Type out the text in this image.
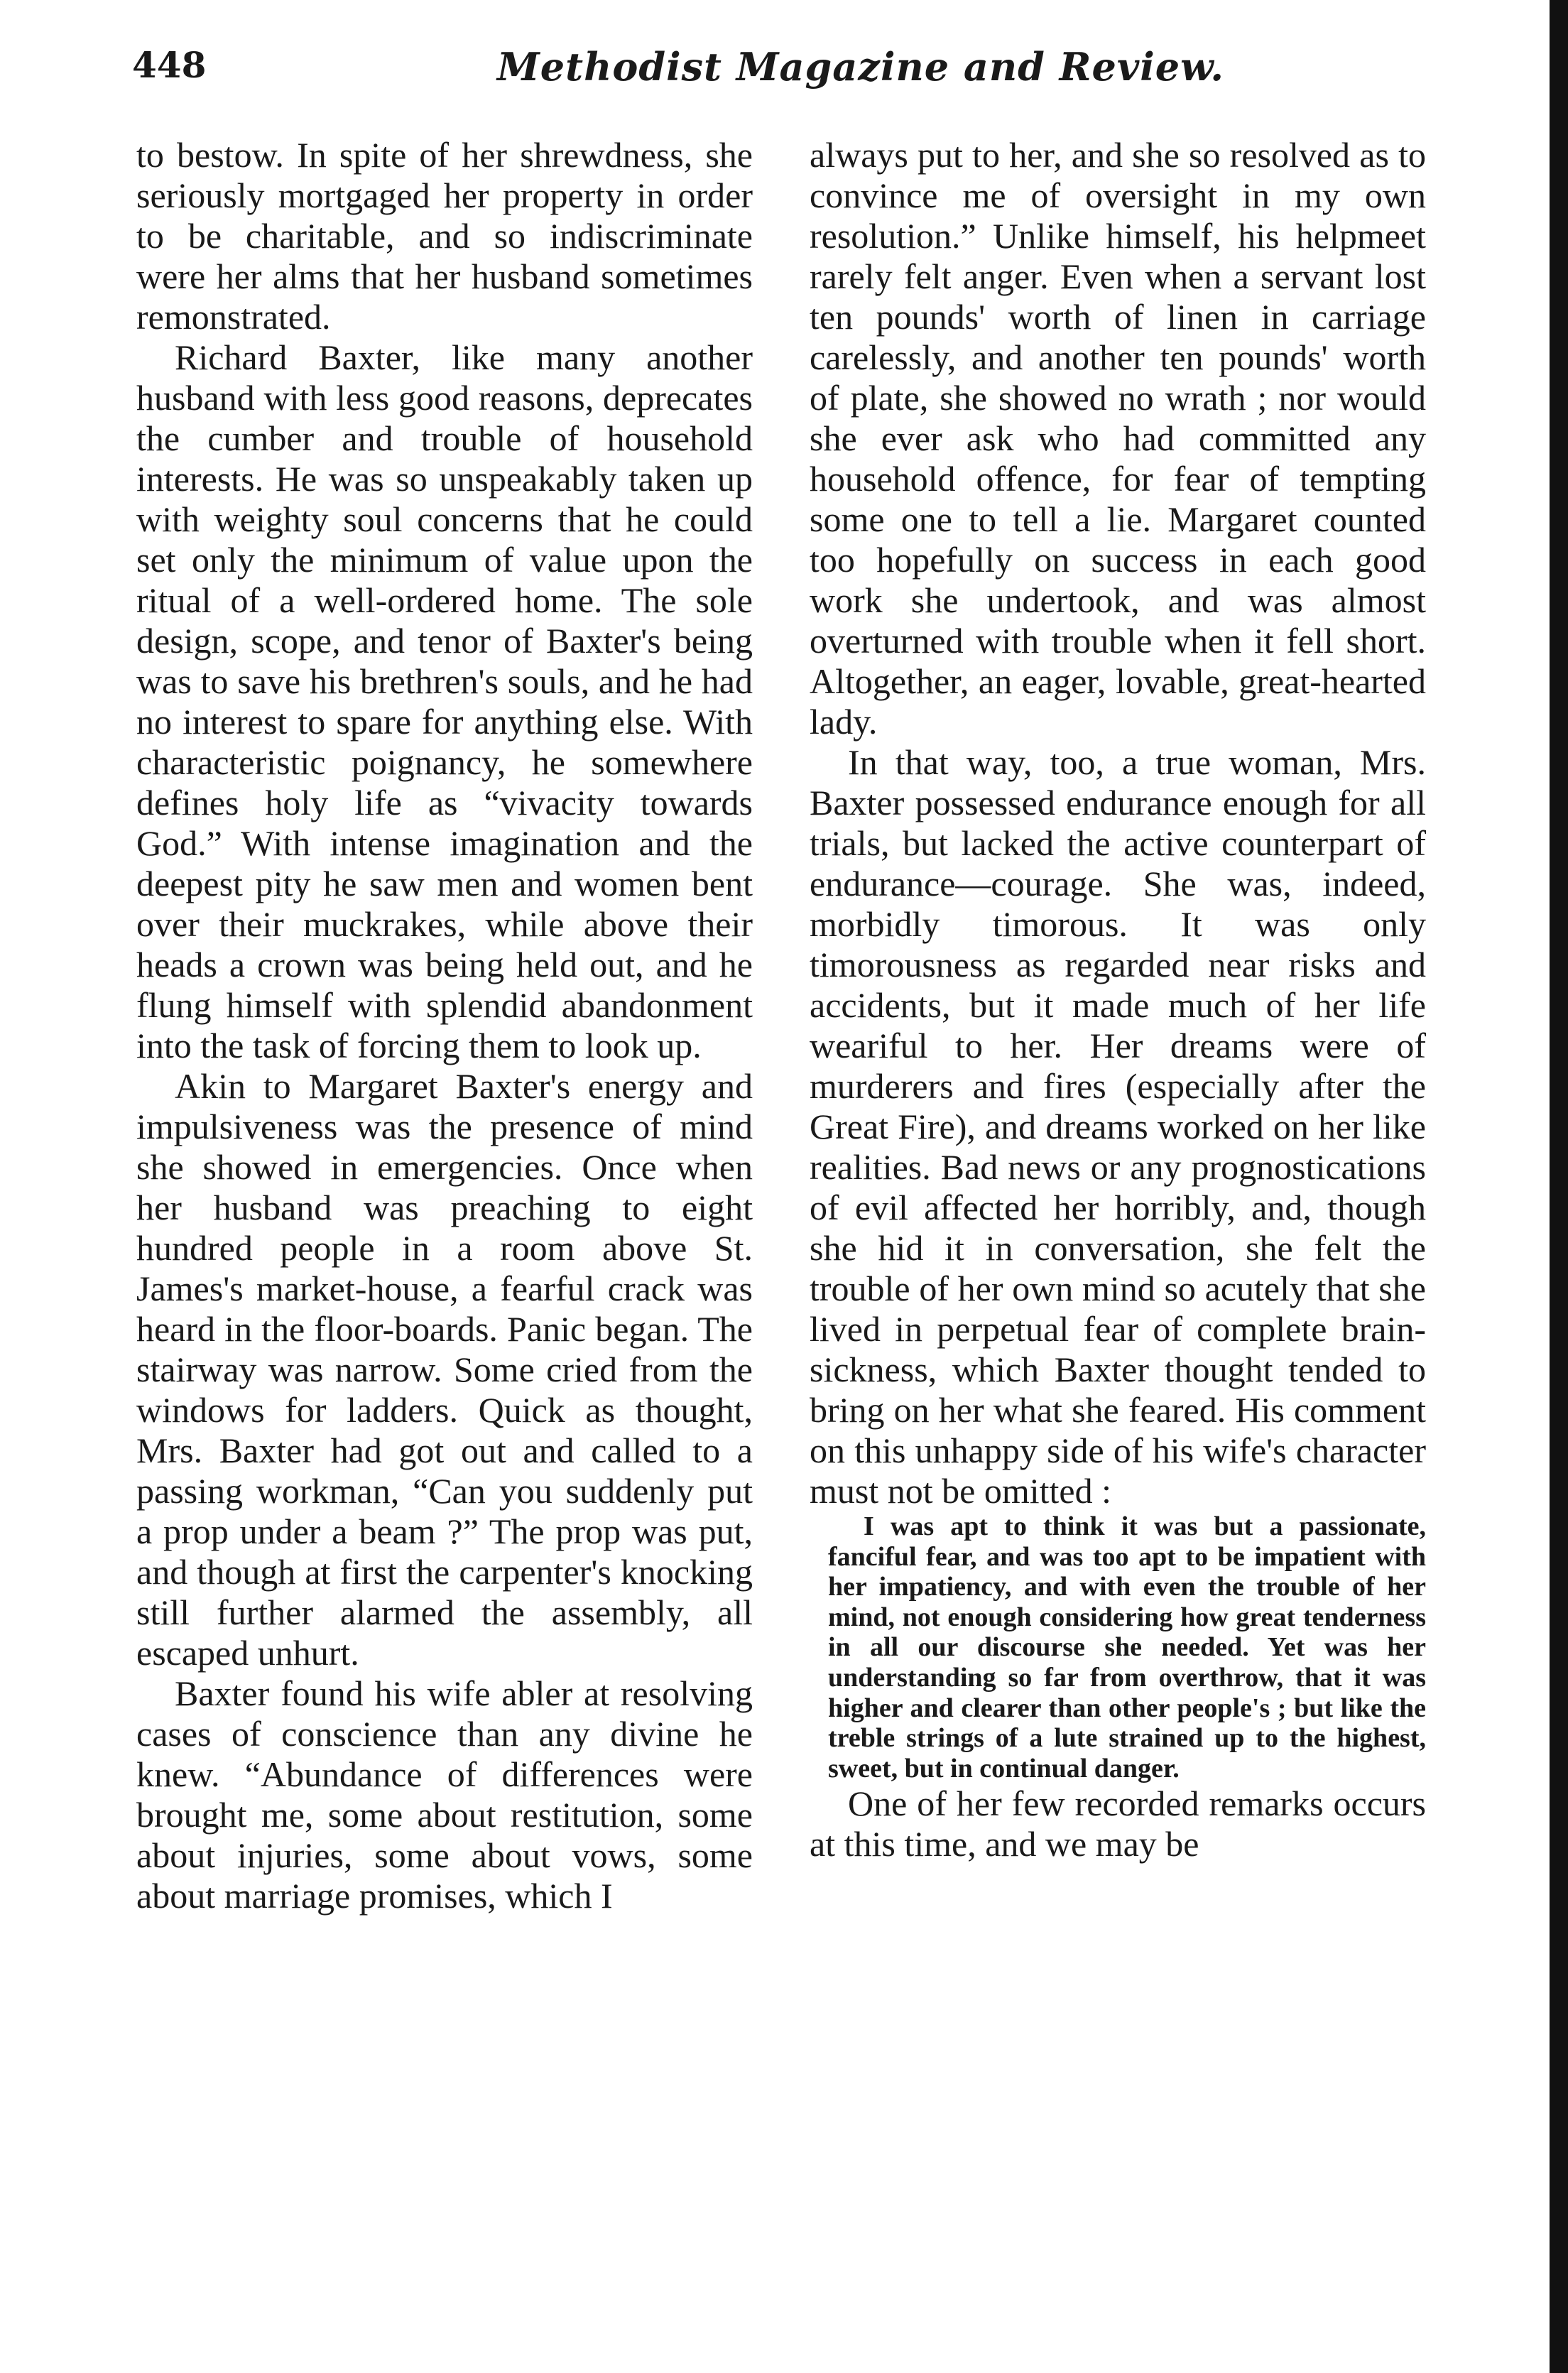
448	Methodist Magazine and Review.

to bestow. In spite of her shrewdness, she seriously mortgaged her property in order to be charitable, and so indiscriminate were her alms that her husband sometimes remonstrated.

Richard Baxter, like many another husband with less good reasons, deprecates the cumber and trouble of household interests. He was so unspeakably taken up with weighty soul concerns that he could set only the minimum of value upon the ritual of a well-ordered home. The sole design, scope, and tenor of Baxter's being was to save his brethren's souls, and he had no interest to spare for anything else. With characteristic poignancy, he somewhere defines holy life as “vivacity towards God.” With intense imagination and the deepest pity he saw men and women bent over their muckrakes, while above their heads a crown was being held out, and he flung himself with splendid abandonment into the task of forcing them to look up.

Akin to Margaret Baxter's energy and impulsiveness was the presence of mind she showed in emergencies. Once when her husband was preaching to eight hundred people in a room above St. James's market-house, a fearful crack was heard in the floor-boards. Panic began. The stairway was narrow. Some cried from the windows for ladders. Quick as thought, Mrs. Baxter had got out and called to a passing workman, “Can you suddenly put a prop under a beam ?” The prop was put, and though at first the carpenter's knocking still further alarmed the assembly, all escaped unhurt.

Baxter found his wife abler at resolving cases of conscience than any divine he knew. “Abundance of differences were brought me, some about restitution, some about injuries, some about vows, some about marriage promises, which I

always put to her, and she so resolved as to convince me of oversight in my own resolution.” Unlike himself, his helpmeet rarely felt anger. Even when a servant lost ten pounds' worth of linen in carriage carelessly, and another ten pounds' worth of plate, she showed no wrath ; nor would she ever ask who had committed any household offence, for fear of tempting some one to tell a lie. Margaret counted too hopefully on success in each good work she undertook, and was almost overturned with trouble when it fell short. Altogether, an eager, lovable, great-hearted lady.

In that way, too, a true woman, Mrs. Baxter possessed endurance enough for all trials, but lacked the active counterpart of endurance—courage. She was, indeed, morbidly timorous. It was only timorousness as regarded near risks and accidents, but it made much of her life weariful to her. Her dreams were of murderers and fires (especially after the Great Fire), and dreams worked on her like realities. Bad news or any prognostications of evil affected her horribly, and, though she hid it in conversation, she felt the trouble of her own mind so acutely that she lived in perpetual fear of complete brain-sickness, which Baxter thought tended to bring on her what she feared. His comment on this unhappy side of his wife's character must not be omitted :

I was apt to think it was but a passionate, fanciful fear, and was too apt to be impatient with her impatiency, and with even the trouble of her mind, not enough considering how great tenderness in all our discourse she needed. Yet was her understanding so far from overthrow, that it was higher and clearer than other people's ; but like the treble strings of a lute strained up to the highest, sweet, but in continual danger.

One of her few recorded remarks occurs at this time, and we may be
